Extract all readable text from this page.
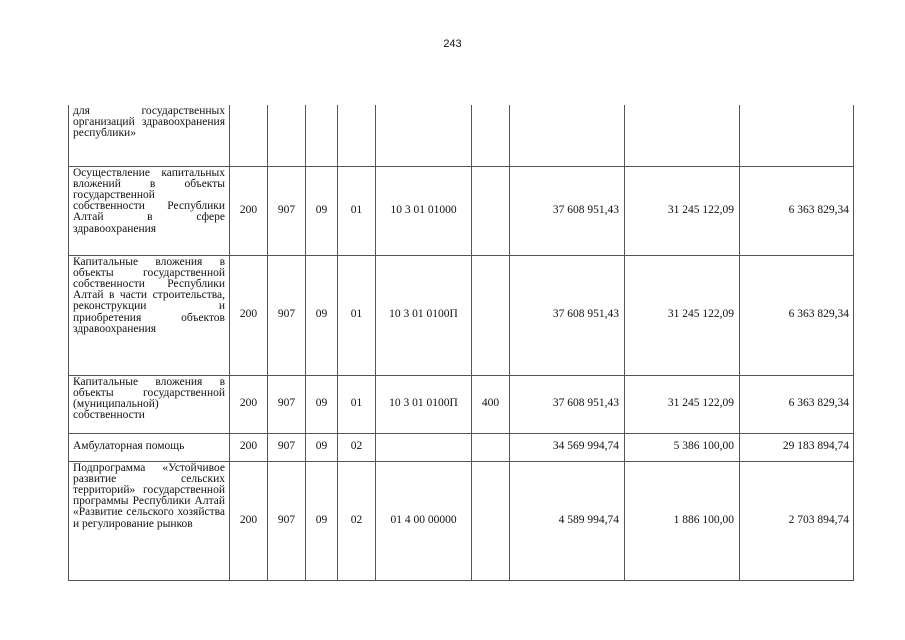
243
для государственных организаций здравоохранения республики»									
Осуществление капитальных вложений в объекты государственной собственности Республики Алтай в сфере здравоохранения	200	907	09	01	10 3 01 01000		37 608 951,43	31 245 122,09	6 363 829,34
Капитальные вложения в объекты государственной собственности Республики Алтай в части строительства, реконструкции и приобретения объектов здравоохранения	200	907	09	01	10 3 01 0100П		37 608 951,43	31 245 122,09	6 363 829,34
Капитальные вложения в объекты государственной (муниципальной) собственности	200	907	09	01	10 3 01 0100П	400	37 608 951,43	31 245 122,09	6 363 829,34
Амбулаторная помощь	200	907	09	02			34 569 994,74	5 386 100,00	29 183 894,74
Подпрограмма «Устойчивое развитие сельских территорий» государственной программы Республики Алтай «Развитие сельского хозяйства и регулирование рынков	200	907	09	02	01 4 00 00000		4 589 994,74	1 886 100,00	2 703 894,74
